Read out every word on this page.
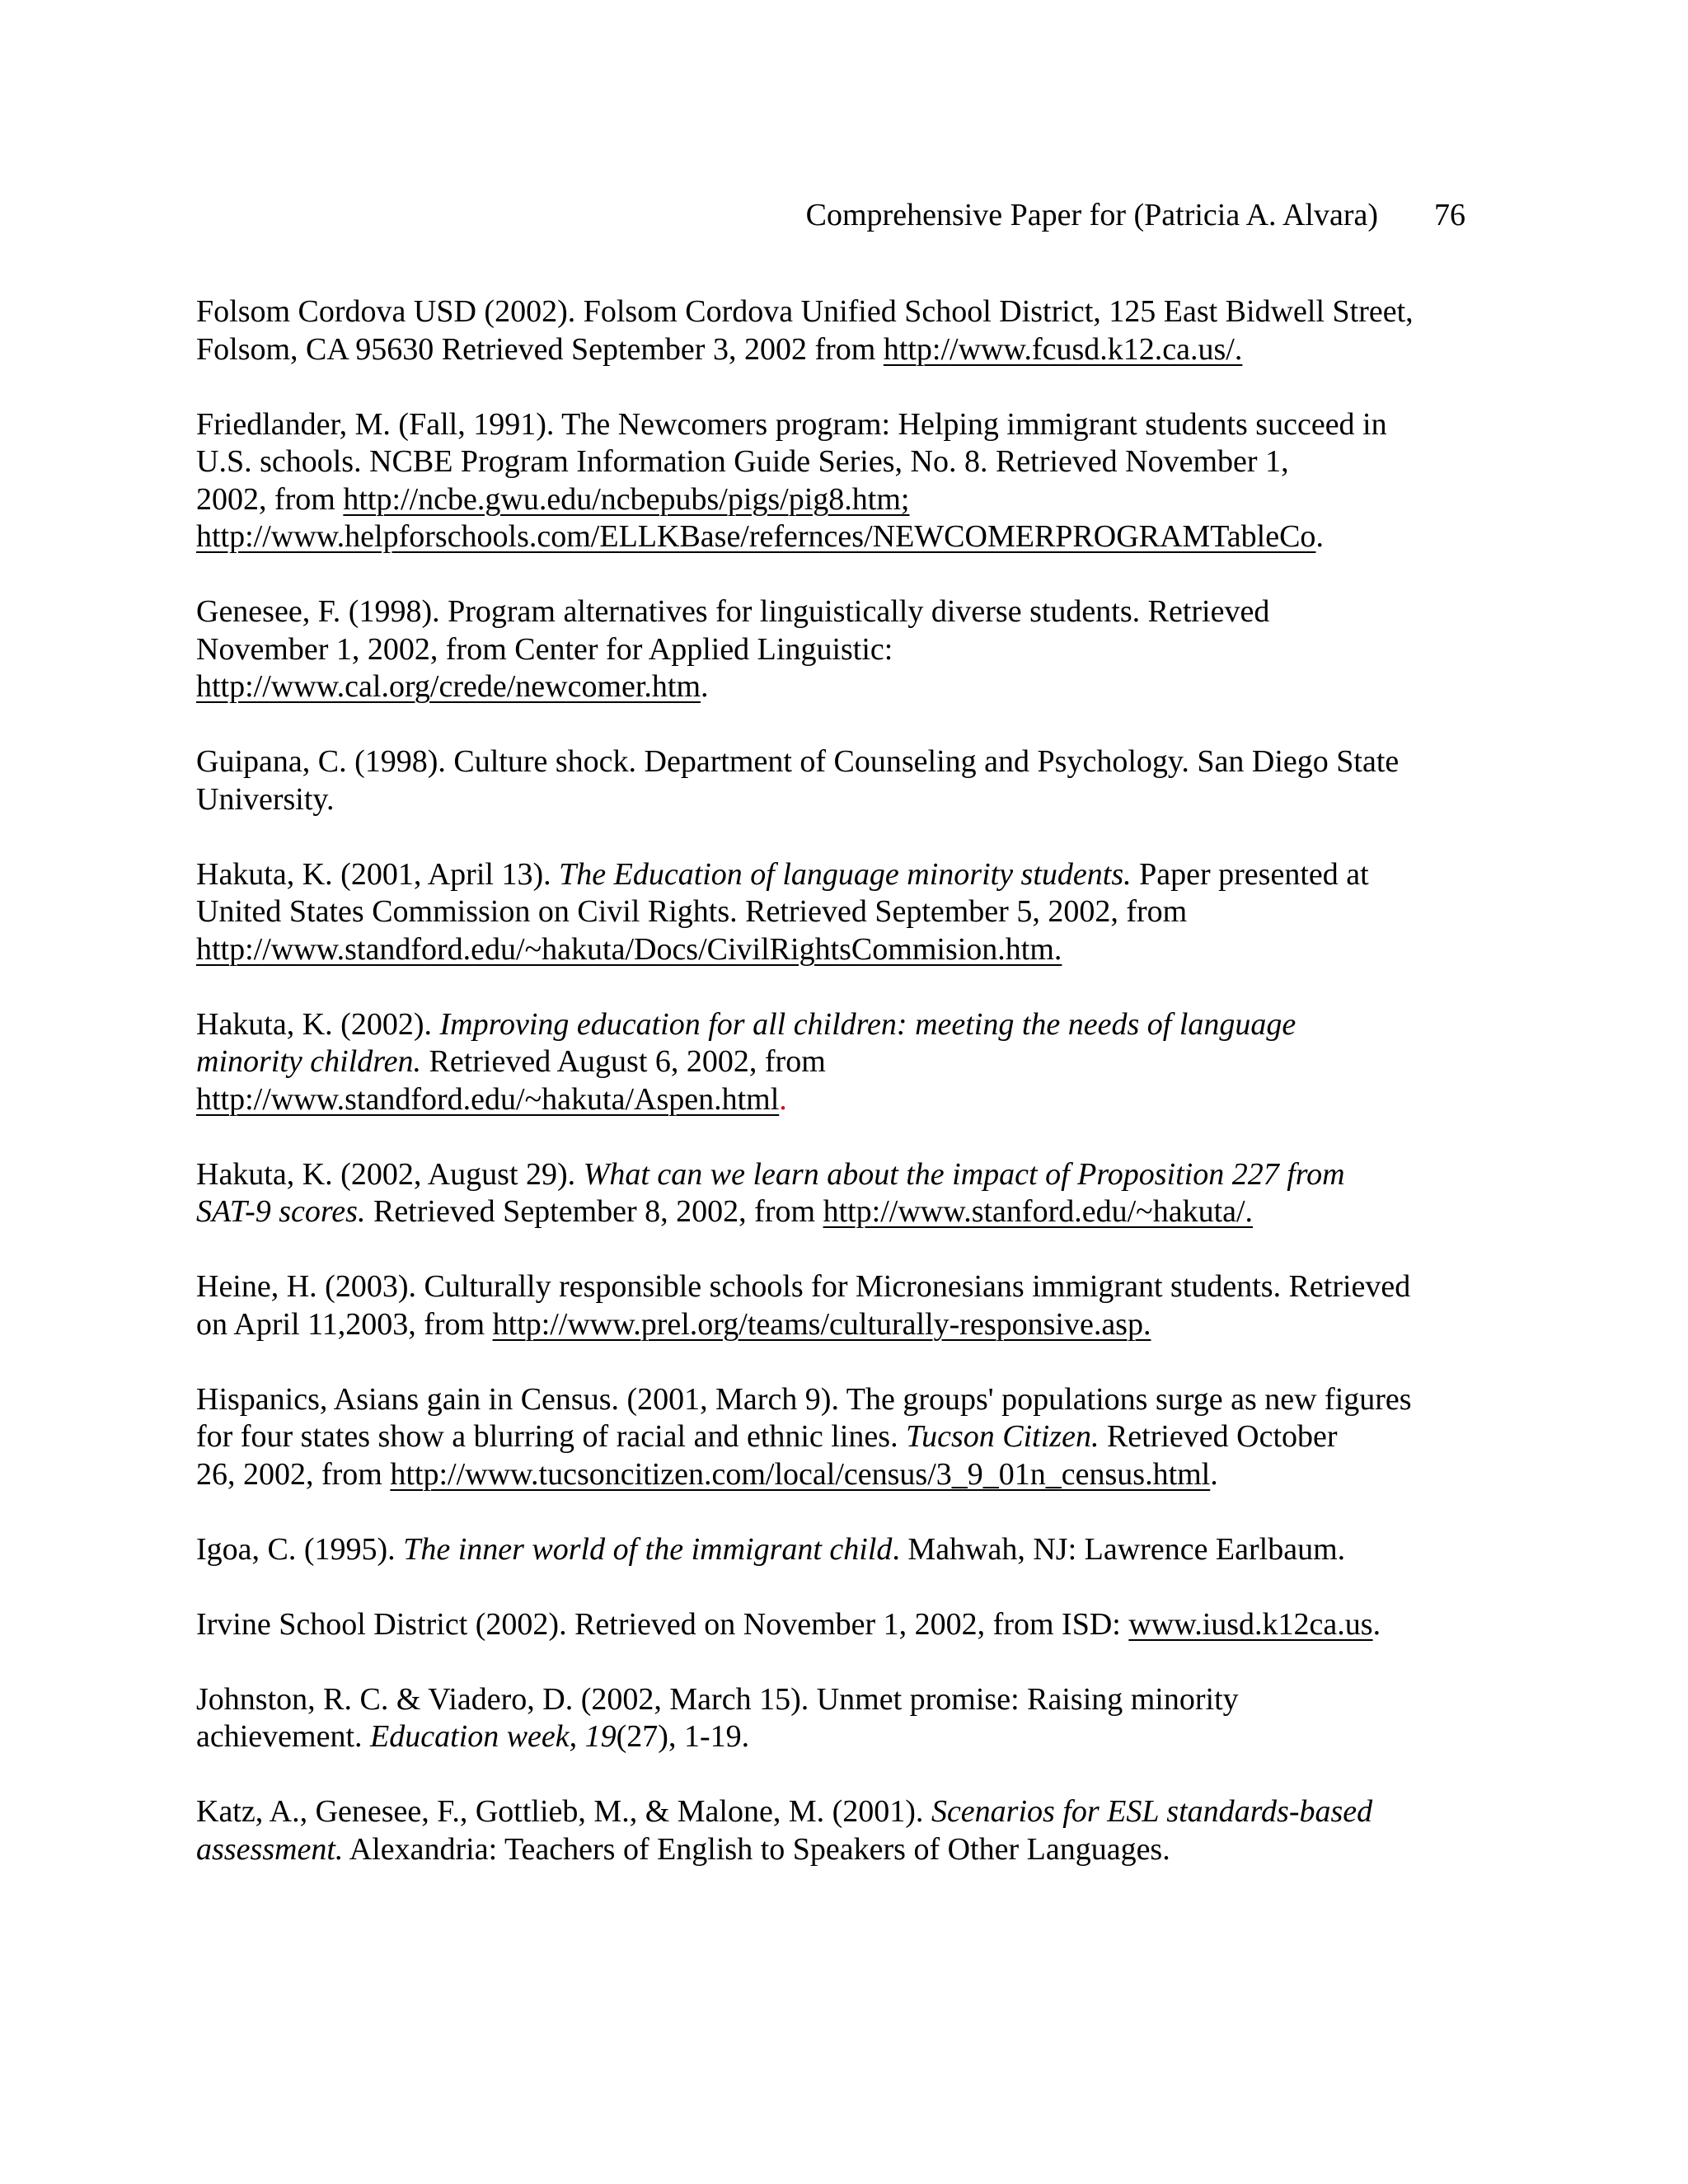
Comprehensive Paper for (Patricia A. Alvara) 76
Folsom Cordova USD (2002). Folsom Cordova Unified School District, 125 East Bidwell Street,
Folsom, CA 95630 Retrieved September 3, 2002 from http://www.fcusd.k12.ca.us/.
Friedlander, M. (Fall, 1991). The Newcomers program: Helping immigrant students succeed in
U.S. schools. NCBE Program Information Guide Series, No. 8. Retrieved November 1,
2002, from http://ncbe.gwu.edu/ncbepubs/pigs/pig8.htm;
http://www.helpforschools.com/ELLKBase/refernces/NEWCOMERPROGRAMTableCo.
Genesee, F. (1998). Program alternatives for linguistically diverse students. Retrieved
November 1, 2002, from Center for Applied Linguistic:
http://www.cal.org/crede/newcomer.htm.
Guipana, C. (1998). Culture shock. Department of Counseling and Psychology. San Diego State
University.
Hakuta, K. (2001, April 13). The Education of language minority students. Paper presented at
United States Commission on Civil Rights. Retrieved September 5, 2002, from
http://www.standford.edu/~hakuta/Docs/CivilRightsCommision.htm.
Hakuta, K. (2002). Improving education for all children: meeting the needs of language
minority children. Retrieved August 6, 2002, from
http://www.standford.edu/~hakuta/Aspen.html.
Hakuta, K. (2002, August 29). What can we learn about the impact of Proposition 227 from
SAT-9 scores. Retrieved September 8, 2002, from http://www.stanford.edu/~hakuta/.
Heine, H. (2003). Culturally responsible schools for Micronesians immigrant students. Retrieved
on April 11,2003, from http://www.prel.org/teams/culturally-responsive.asp.
Hispanics, Asians gain in Census. (2001, March 9). The groups' populations surge as new figures
for four states show a blurring of racial and ethnic lines. Tucson Citizen. Retrieved October
26, 2002, from http://www.tucsoncitizen.com/local/census/3_9_01n_census.html.
Igoa, C. (1995). The inner world of the immigrant child. Mahwah, NJ: Lawrence Earlbaum.
Irvine School District (2002). Retrieved on November 1, 2002, from ISD: www.iusd.k12ca.us.
Johnston, R. C. & Viadero, D. (2002, March 15). Unmet promise: Raising minority
achievement. Education week, 19(27), 1-19.
Katz, A., Genesee, F., Gottlieb, M., & Malone, M. (2001). Scenarios for ESL standards-based
assessment. Alexandria: Teachers of English to Speakers of Other Languages.
